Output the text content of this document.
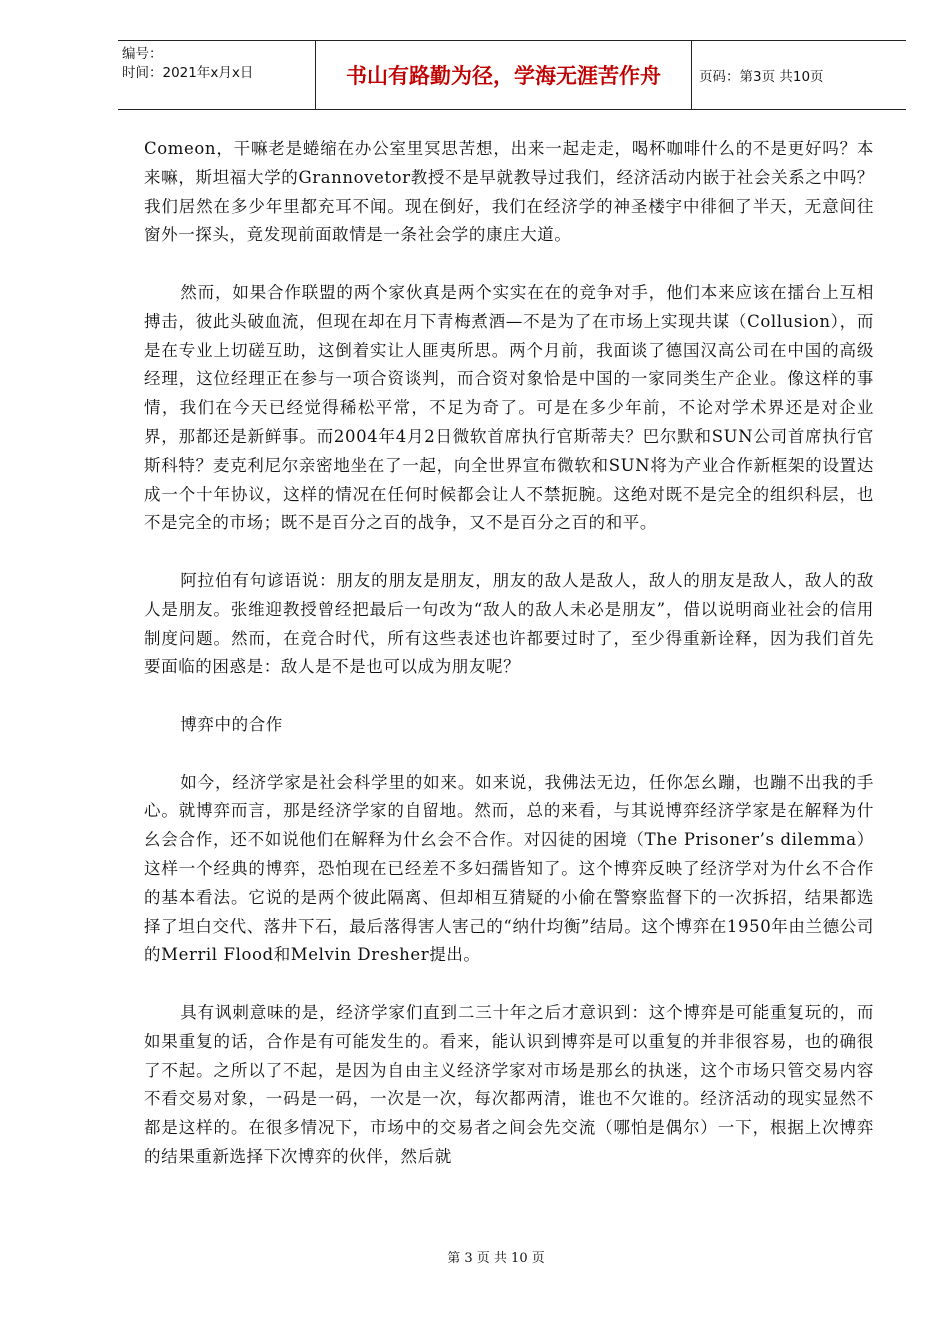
编号：
时间：2021年x月x日	书山有路勤为径，学海无涯苦作舟	页码：第3页 共10页

Comeon，干嘛老是蜷缩在办公室里冥思苦想，出来一起走走，喝杯咖啡什么的不是更好吗？本来嘛，斯坦福大学的Grannovetor教授不是早就教导过我们，经济活动内嵌于社会关系之中吗？我们居然在多少年里都充耳不闻。现在倒好，我们在经济学的神圣楼宇中徘徊了半天，无意间往窗外一探头，竟发现前面敢情是一条社会学的康庄大道。

然而，如果合作联盟的两个家伙真是两个实实在在的竞争对手，他们本来应该在擂台上互相搏击，彼此头破血流，但现在却在月下青梅煮酒—不是为了在市场上实现共谋（Collusion），而是在专业上切磋互助，这倒着实让人匪夷所思。两个月前，我面谈了德国汉高公司在中国的高级经理，这位经理正在参与一项合资谈判，而合资对象恰是中国的一家同类生产企业。像这样的事情，我们在今天已经觉得稀松平常，不足为奇了。可是在多少年前，不论对学术界还是对企业界，那都还是新鲜事。而2004年4月2日微软首席执行官斯蒂夫？巴尔默和SUN公司首席执行官斯科特？麦克利尼尔亲密地坐在了一起，向全世界宣布微软和SUN将为产业合作新框架的设置达成一个十年协议，这样的情况在任何时候都会让人不禁扼腕。这绝对既不是完全的组织科层，也不是完全的市场；既不是百分之百的战争，又不是百分之百的和平。

阿拉伯有句谚语说：朋友的朋友是朋友，朋友的敌人是敌人，敌人的朋友是敌人，敌人的敌人是朋友。张维迎教授曾经把最后一句改为“敌人的敌人未必是朋友”，借以说明商业社会的信用制度问题。然而，在竞合时代，所有这些表述也许都要过时了，至少得重新诠释，因为我们首先要面临的困惑是：敌人是不是也可以成为朋友呢？

博弈中的合作

如今，经济学家是社会科学里的如来。如来说，我佛法无边，任你怎幺蹦，也蹦不出我的手心。就博弈而言，那是经济学家的自留地。然而，总的来看，与其说博弈经济学家是在解释为什幺会合作，还不如说他们在解释为什幺会不合作。对囚徒的困境（The Prisoner’s dilemma）这样一个经典的博弈，恐怕现在已经差不多妇孺皆知了。这个博弈反映了经济学对为什幺不合作的基本看法。它说的是两个彼此隔离、但却相互猜疑的小偷在警察监督下的一次拆招，结果都选择了坦白交代、落井下石，最后落得害人害己的“纳什均衡”结局。这个博弈在1950年由兰德公司的Merril Flood和Melvin Dresher提出。

具有讽刺意味的是，经济学家们直到二三十年之后才意识到：这个博弈是可能重复玩的，而如果重复的话，合作是有可能发生的。看来，能认识到博弈是可以重复的并非很容易，也的确很了不起。之所以了不起，是因为自由主义经济学家对市场是那幺的执迷，这个市场只管交易内容不看交易对象，一码是一码，一次是一次，每次都两清，谁也不欠谁的。经济活动的现实显然不都是这样的。在很多情况下，市场中的交易者之间会先交流（哪怕是偶尔）一下，根据上次博弈的结果重新选择下次博弈的伙伴，然后就

第 3 页 共 10 页
